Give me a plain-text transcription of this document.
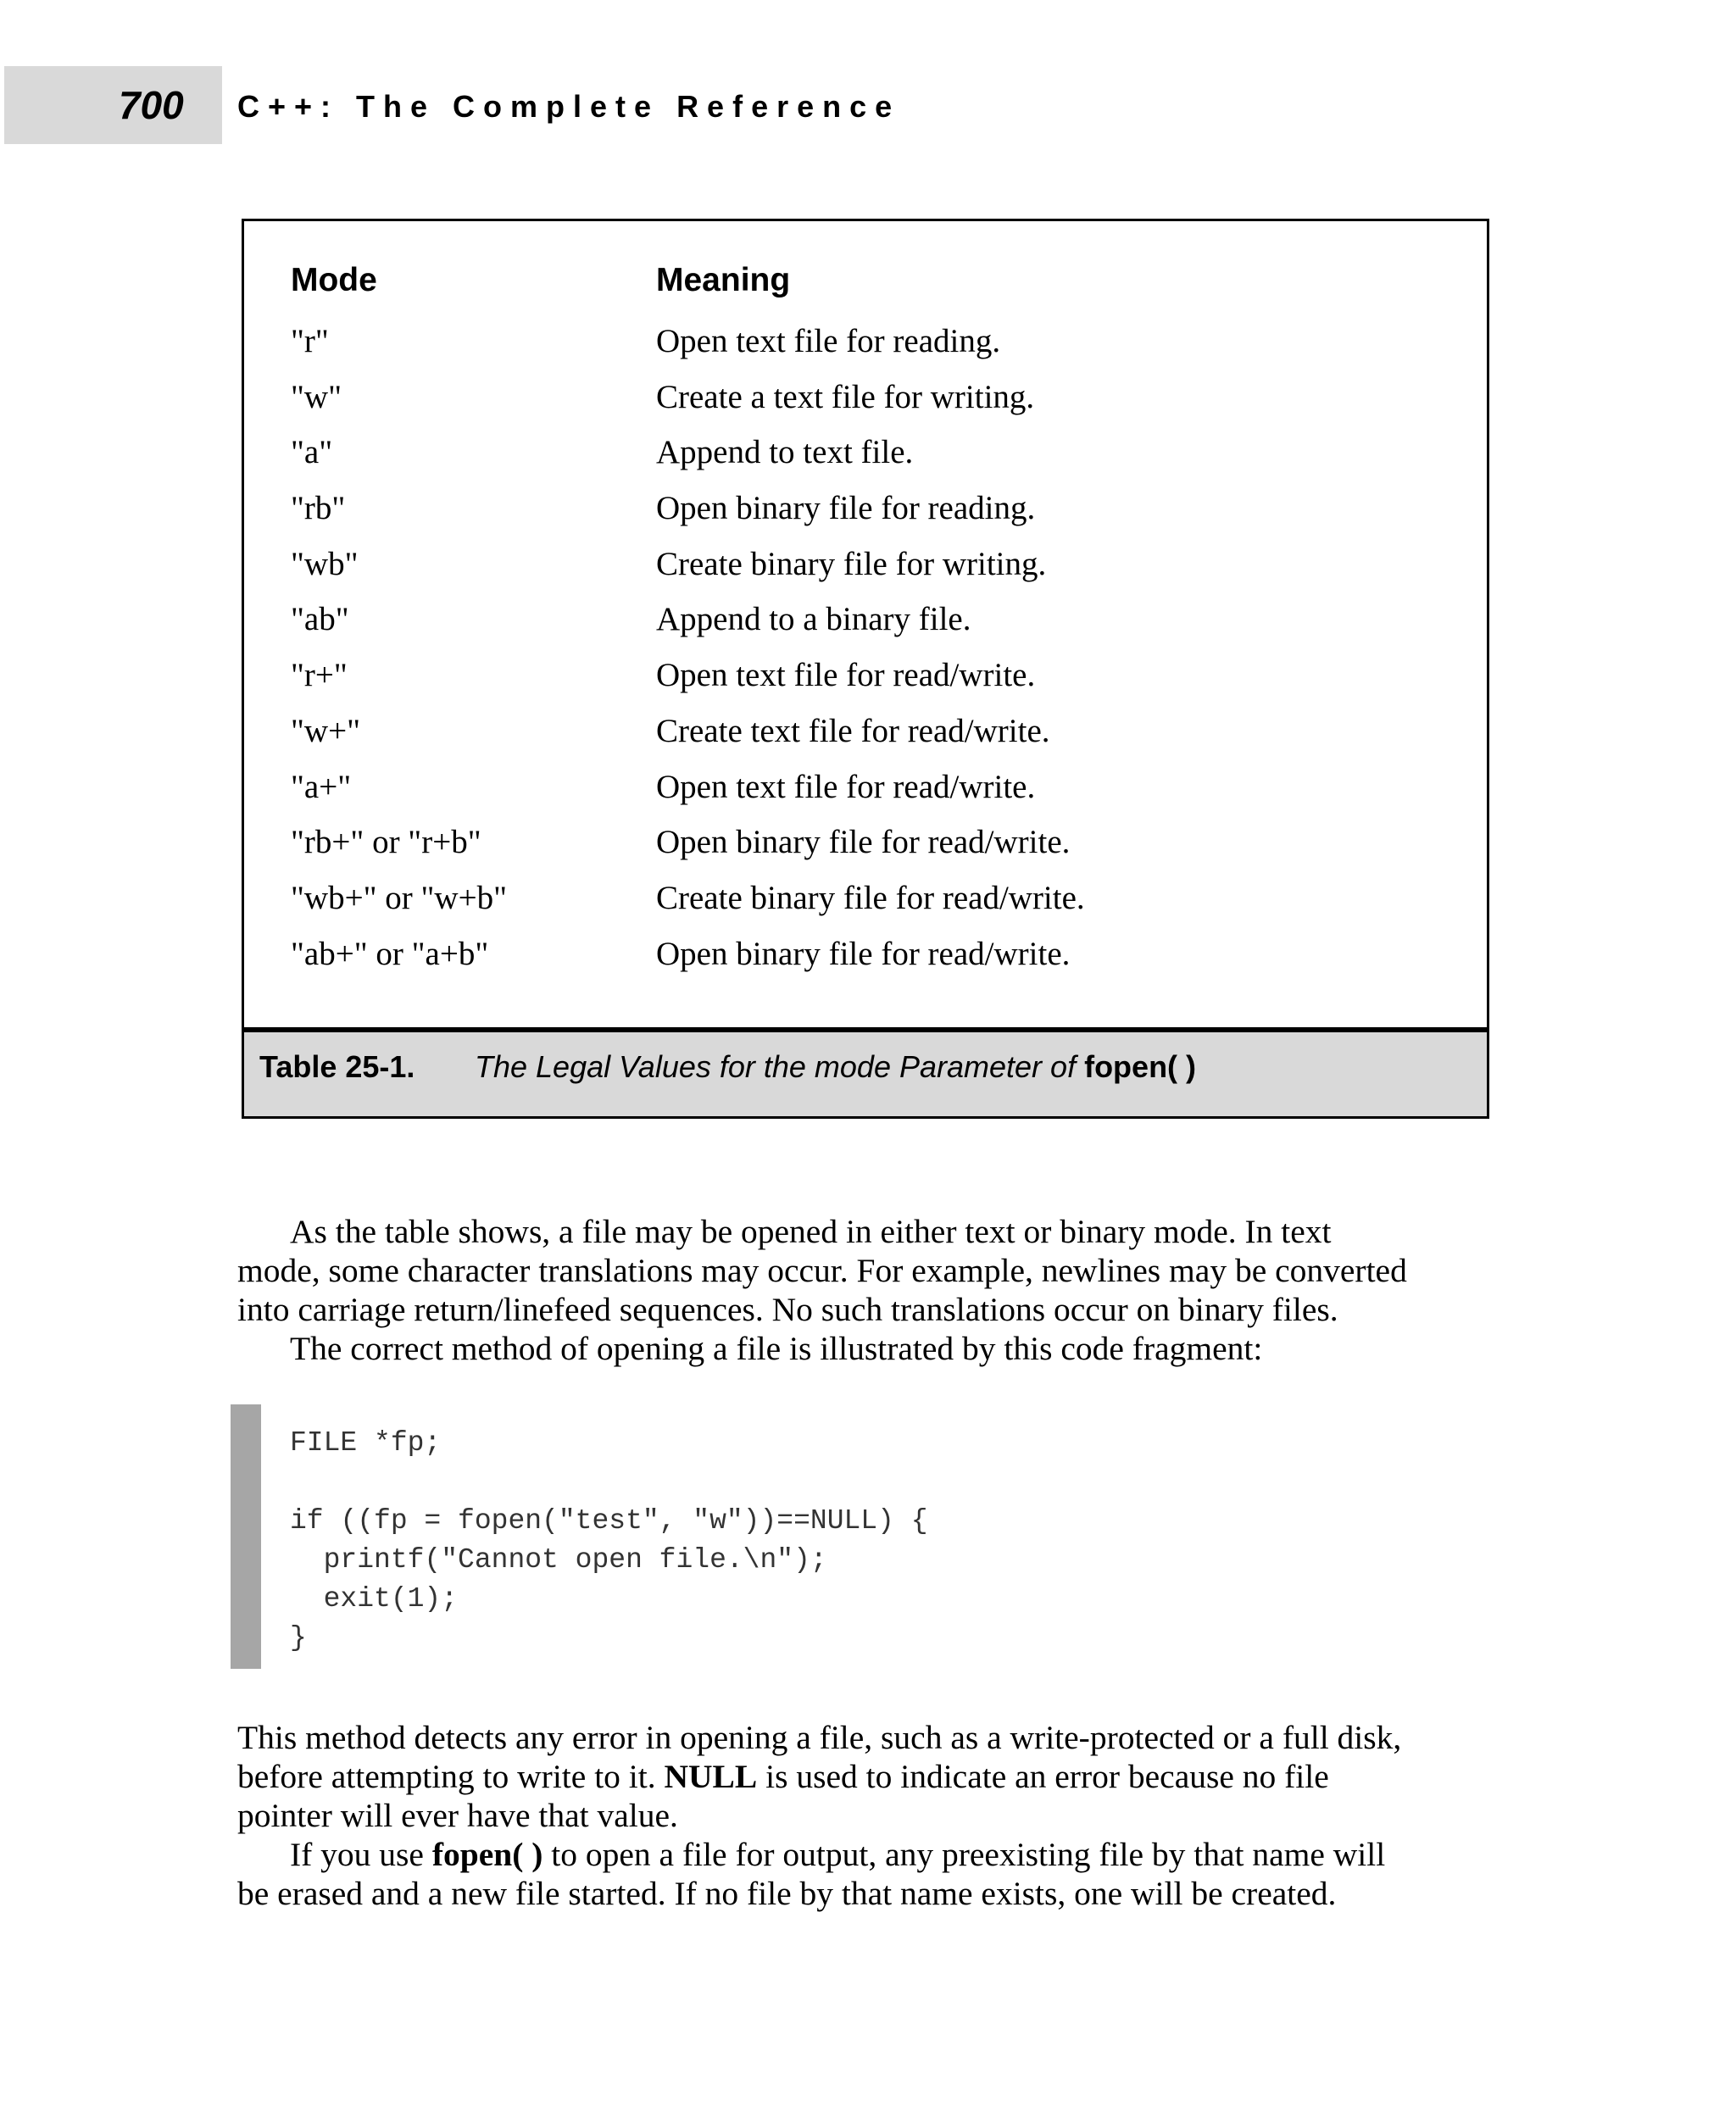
700 C++: The Complete Reference
Mode	Meaning
"r"	Open text file for reading.
"w"	Create a text file for writing.
"a"	Append to text file.
"rb"	Open binary file for reading.
"wb"	Create binary file for writing.
"ab"	Append to a binary file.
"r+"	Open text file for read/write.
"w+"	Create text file for read/write.
"a+"	Open text file for read/write.
"rb+" or "r+b"	Open binary file for read/write.
"wb+" or "w+b"	Create binary file for read/write.
"ab+" or "a+b"	Open binary file for read/write.
Table 25-1. The Legal Values for the mode Parameter of fopen( )

As the table shows, a file may be opened in either text or binary mode. In text
mode, some character translations may occur. For example, newlines may be converted
into carriage return/linefeed sequences. No such translations occur on binary files.
The correct method of opening a file is illustrated by this code fragment:

FILE *fp;
if ((fp = fopen("test", "w"))==NULL) {
printf("Cannot open file.\n");
exit(1);
}

This method detects any error in opening a file, such as a write-protected or a full disk,
before attempting to write to it. NULL is used to indicate an error because no file
pointer will ever have that value.
If you use fopen( ) to open a file for output, any preexisting file by that name will
be erased and a new file started. If no file by that name exists, one will be created.
